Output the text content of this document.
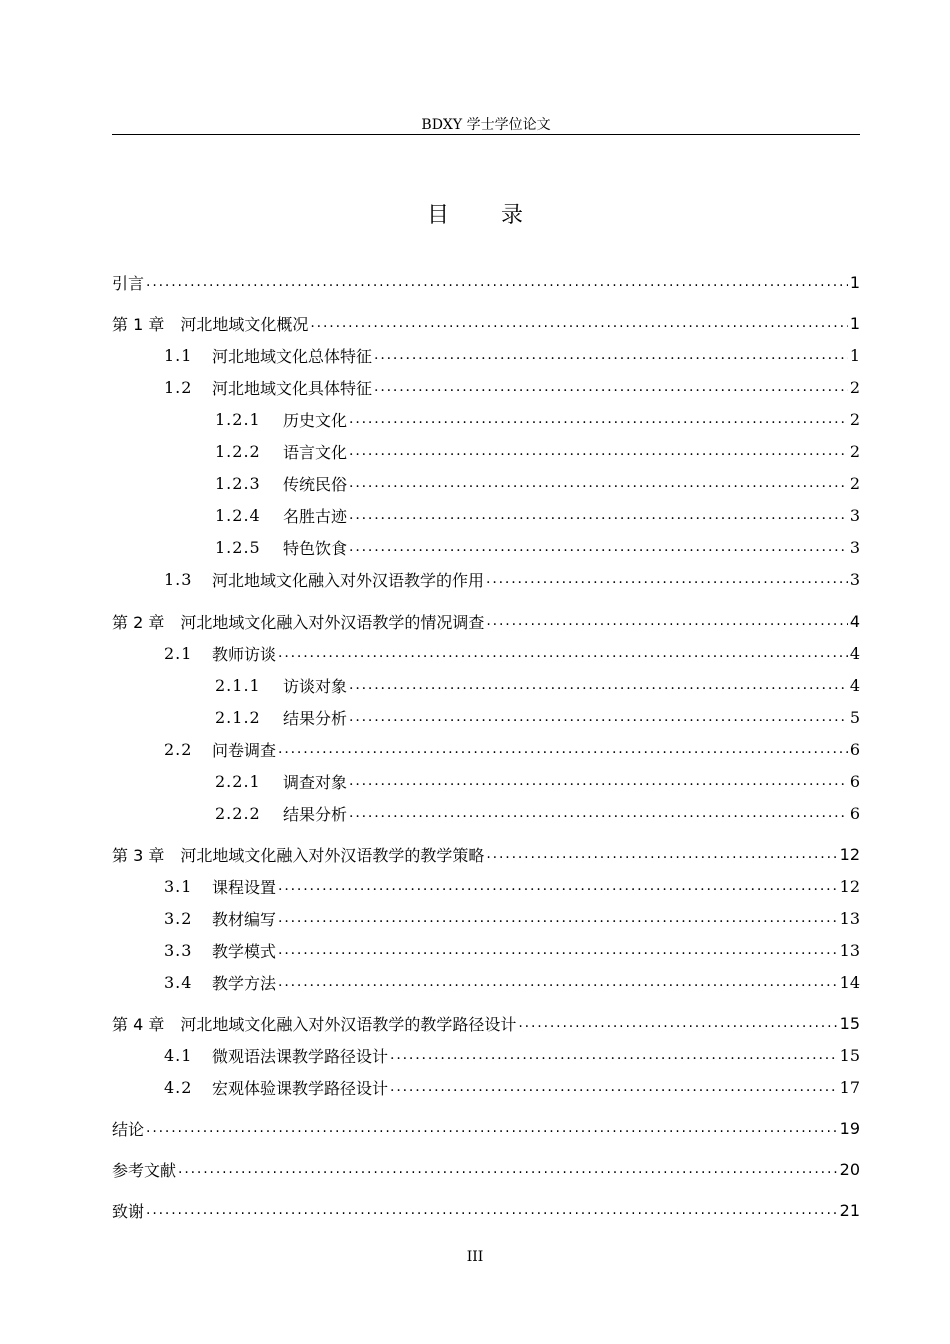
BDXY 学士学位论文
目录
引言 . . .	1
第 1 章 河北地域文化概况 . . .	1
1.1	河北地域文化总体特征 . . .	1
1.2	河北地域文化具体特征 . . .	2
1.2.1	历史文化 . . .	2
1.2.2	语言文化 . . .	2
1.2.3	传统民俗 . . .	2
1.2.4	名胜古迹 . . .	3
1.2.5	特色饮食 . . .	3
1.3	河北地域文化融入对外汉语教学的作用 . . .	3
第 2 章 河北地域文化融入对外汉语教学的情况调查 . . .	4
2.1	教师访谈 . . .	4
2.1.1	访谈对象 . . .	4
2.1.2	结果分析 . . .	5
2.2	问卷调查 . . .	6
2.2.1	调查对象 . . .	6
2.2.2	结果分析 . . .	6
第 3 章 河北地域文化融入对外汉语教学的教学策略 . . .	12
3.1	课程设置 . . .	12
3.2	教材编写 . . .	13
3.3	教学模式 . . .	13
3.4	教学方法 . . .	14
第 4 章 河北地域文化融入对外汉语教学的教学路径设计 . . .	15
4.1	微观语法课教学路径设计 . . .	15
4.2	宏观体验课教学路径设计 . . .	17
结论 . . .	19
参考文献 . . .	20
致谢 . . .	21
III
